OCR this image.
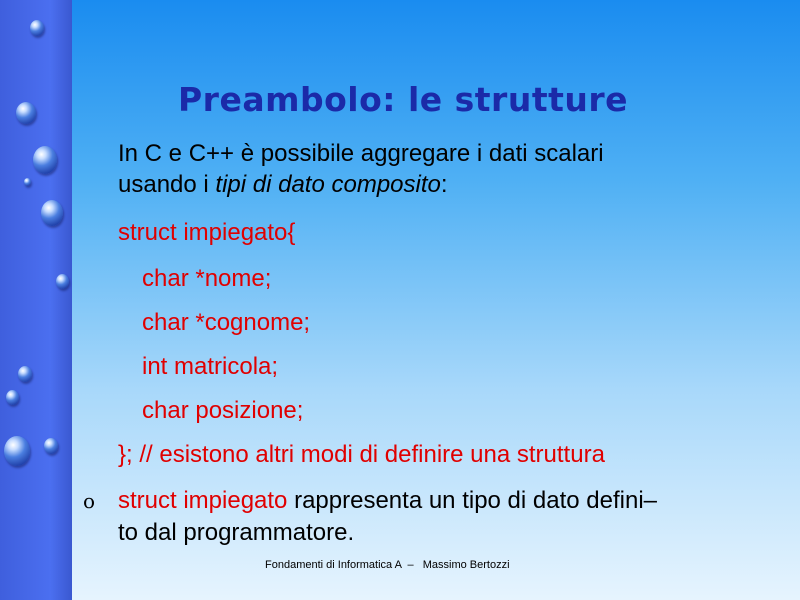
Preambolo: le strutture
In C e C++ è possibile aggregare i dati scalari
usando i tipi di dato composito:
struct impiegato{
char *nome;
char *cognome;
int matricola;
char posizione;
}; // esistono altri modi di definire una struttura
o struct impiegato rappresenta un tipo di dato defini–
to dal programmatore.
Fondamenti di Informatica A  –   Massimo Bertozzi
